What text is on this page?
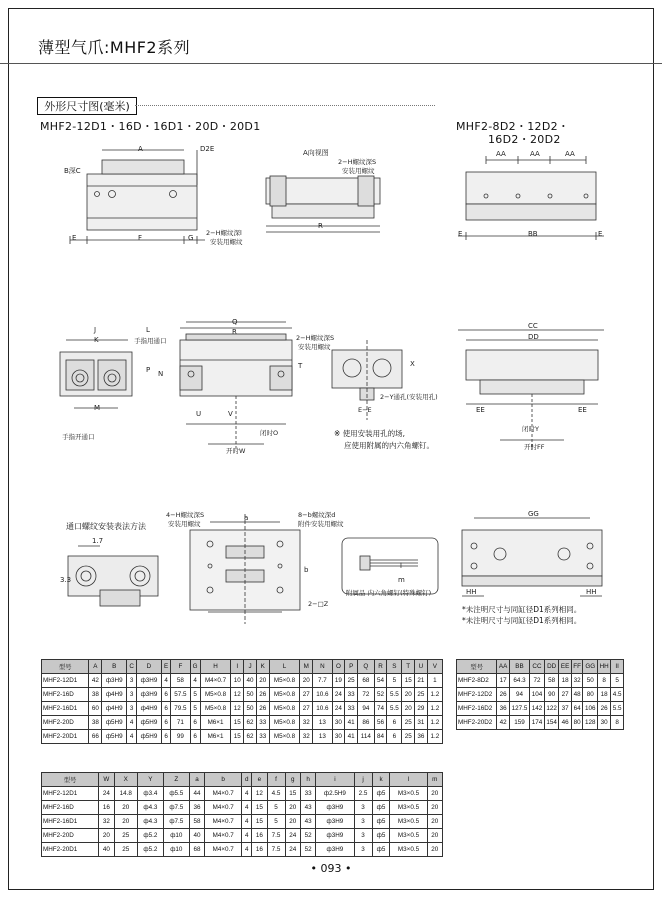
薄型气爪:MHF2系列
外形尺寸图(毫米)
MHF2-12D1・16D・16D1・20D・20D1	MHF2-8D2・12D2・
16D2・20D2
B深C
A向视图
2−H螺纹深S
安装用螺纹
2−H螺纹深l
安装用螺纹
手指用通口
手指开通口
2−H螺纹深S
安装用螺纹
2−Y通孔(安装用孔)
E−E
闭时O
开时W
闭时Y
开时FF
※ 使用安装用孔的场,
应使用附属的内六角螺钉。
通口螺纹安装表法方法
4−H螺纹深S
安装用螺纹
8−b螺纹深d
附件安装用螺纹
附属品 内六角螺钉(特殊螺钉)
2−□Z
*未注明尺寸与同缸径D1系列相同。
*未注明尺寸与同缸径D1系列相同。
A
E	F	G
D2E
R
AA	AA	AA
BB
E	E
J
K
L
M
P N
Q
R
T
U	V
X
CC
DD
EE	EE
GG
HH	HH
a
b	l
m
1.7
3.3
型号	A	B	C	D	E	F	G	H	I	J	K	L	M	N	O	P	Q	R	S	T	U	V
MHF2-12D1	42	ф3H9	3	ф3H9	4	58	4	M4×0.7	10	40	20	M5×0.8	20	7.7	19	25	68	54	5	15	21	1
MHF2-16D	38	ф4H9	3	ф3H9	6	57.5	5	M5×0.8	12	50	26	M5×0.8	27	10.6	24	33	72	52	5.5	20	25	1.2
MHF2-16D1	60	ф4H9	3	ф4H9	6	79.5	5	M5×0.8	12	50	26	M5×0.8	27	10.6	24	33	94	74	5.5	20	29	1.2
MHF2-20D	38	ф5H9	4	ф5H9	6	71	6	M6×1	15	62	33	M5×0.8	32	13	30	41	86	56	6	25	31	1.2
MHF2-20D1	66	ф5H9	4	ф5H9	6	99	6	M6×1	15	62	33	M5×0.8	32	13	30	41	114	84	6	25	36	1.2
型号	AA	BB	CC	DD	EE	FF	GG	HH	II
MHF2-8D2	17	64.3	72	58	18	32	50	8	5
MHF2-12D2	26	94	104	90	27	48	80	18	4.5
MHF2-16D2	36	127.5	142	122	37	64	106	26	5.5
MHF2-20D2	42	159	174	154	46	80	128	30	8
型号	W	X	Y	Z	a	b	d	e	f	g	h	i	j	k	l	m
MHF2-12D1	24	14.8	ф3.4	ф5.5	44	M4×0.7	4	12	4.5	15	33	ф2.5H9	2.5	ф5	M3×0.5	20
MHF2-16D	16	20	ф4.3	ф7.5	36	M4×0.7	4	15	5	20	43	ф3H9	3	ф5	M3×0.5	20
MHF2-16D1	32	20	ф4.3	ф7.5	58	M4×0.7	4	15	5	20	43	ф3H9	3	ф5	M3×0.5	20
MHF2-20D	20	25	ф5.2	ф10	40	M4×0.7	4	16	7.5	24	52	ф3H9	3	ф5	M3×0.5	20
MHF2-20D1	40	25	ф5.2	ф10	68	M4×0.7	4	16	7.5	24	52	ф3H9	3	ф5	M3×0.5	20
• 093 •
